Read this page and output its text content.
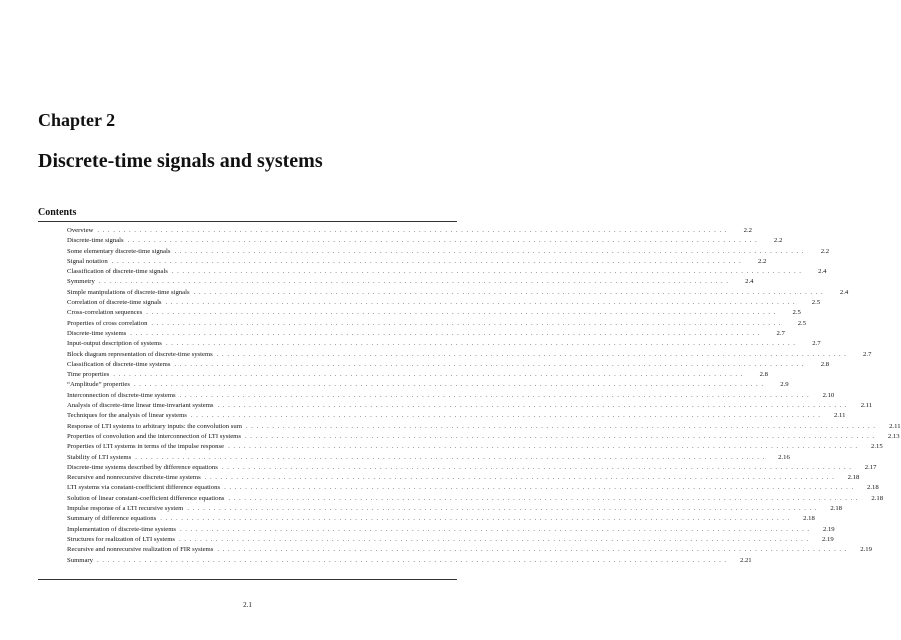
Chapter 2
Discrete-time signals and systems
Contents
Overview ........................................................................................................................	2.2
Discrete-time signals ........................................................................................................................	2.2
Some elementary discrete-time signals ........................................................................................................................	2.2
Signal notation ........................................................................................................................	2.2
Classification of discrete-time signals ........................................................................................................................	2.4
Symmetry ........................................................................................................................	2.4
Simple manipulations of discrete-time signals ........................................................................................................................	2.4
Correlation of discrete-time signals ........................................................................................................................	2.5
Cross-correlation sequences ........................................................................................................................	2.5
Properties of cross correlation ........................................................................................................................	2.5
Discrete-time systems ........................................................................................................................	2.7
Input-output description of systems ........................................................................................................................	2.7
Block diagram representation of discrete-time systems ........................................................................................................................	2.7
Classification of discrete-time systems ........................................................................................................................	2.8
Time properties ........................................................................................................................	2.8
“Amplitude” properties ........................................................................................................................	2.9
Interconnection of discrete-time systems ........................................................................................................................	2.10
Analysis of discrete-time linear time-invariant systems ........................................................................................................................	2.11
Techniques for the analysis of linear systems ........................................................................................................................	2.11
Response of LTI systems to arbitrary inputs: the convolution sum ........................................................................................................................	2.11
Properties of convolution and the interconnection of LTI systems ........................................................................................................................	2.13
Properties of LTI systems in terms of the impulse response ........................................................................................................................	2.15
Stability of LTI systems ........................................................................................................................	2.16
Discrete-time systems described by difference equations ........................................................................................................................	2.17
Recursive and nonrecursive discrete-time systems ........................................................................................................................	2.18
LTI systems via constant-coefficient difference equations ........................................................................................................................	2.18
Solution of linear constant-coefficient difference equations ........................................................................................................................	2.18
Impulse response of a LTI recursive system ........................................................................................................................	2.18
Summary of difference equations ........................................................................................................................	2.18
Implementation of discrete-time systems ........................................................................................................................	2.19
Structures for realization of LTI systems ........................................................................................................................	2.19
Recursive and nonrecursive realization of FIR systems ........................................................................................................................	2.19
Summary ........................................................................................................................	2.21

2.1
